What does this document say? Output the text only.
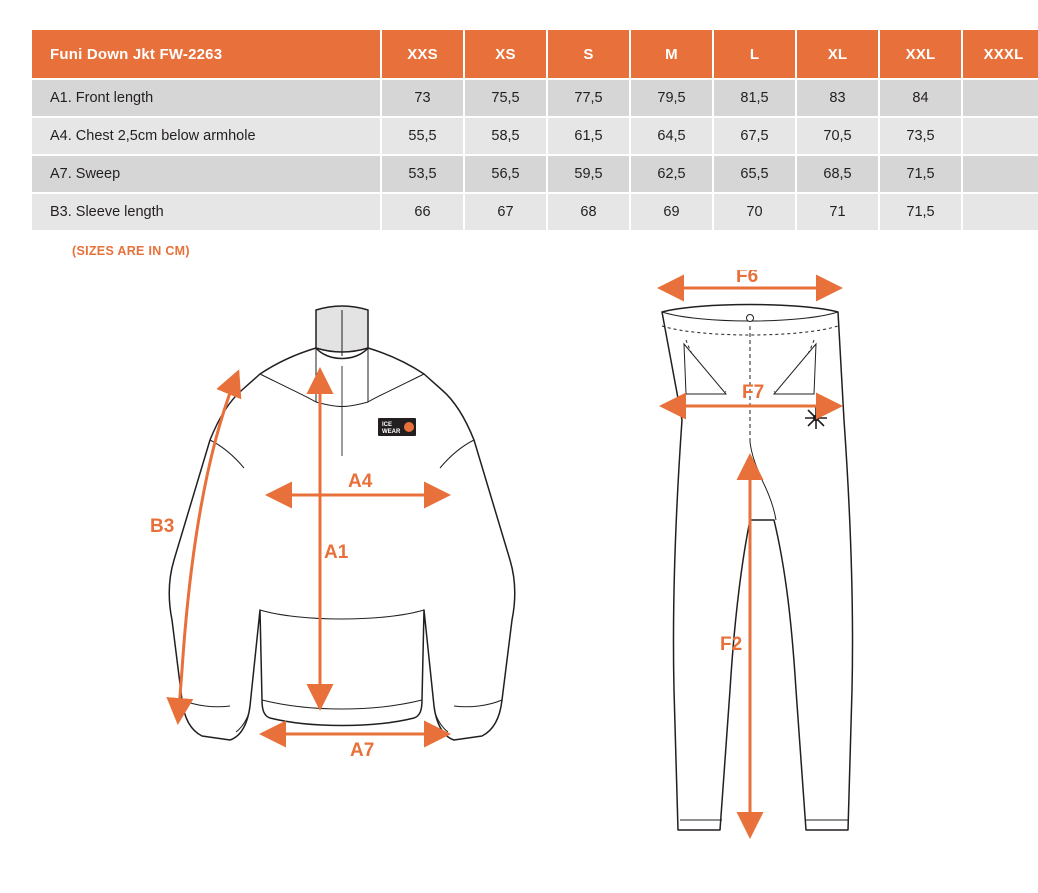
Funi Down Jkt FW-2263	XXS	XS	S	M	L	XL	XXL	XXXL
A1. Front length	73	75,5	77,5	79,5	81,5	83	84	
A4. Chest 2,5cm below armhole	55,5	58,5	61,5	64,5	67,5	70,5	73,5	
A7. Sweep	53,5	56,5	59,5	62,5	65,5	68,5	71,5	
B3. Sleeve length	66	67	68	69	70	71	71,5	
(SIZES ARE IN CM)
ICE
WEAR
B3
A4
A1
A7
F6
F7
F2
